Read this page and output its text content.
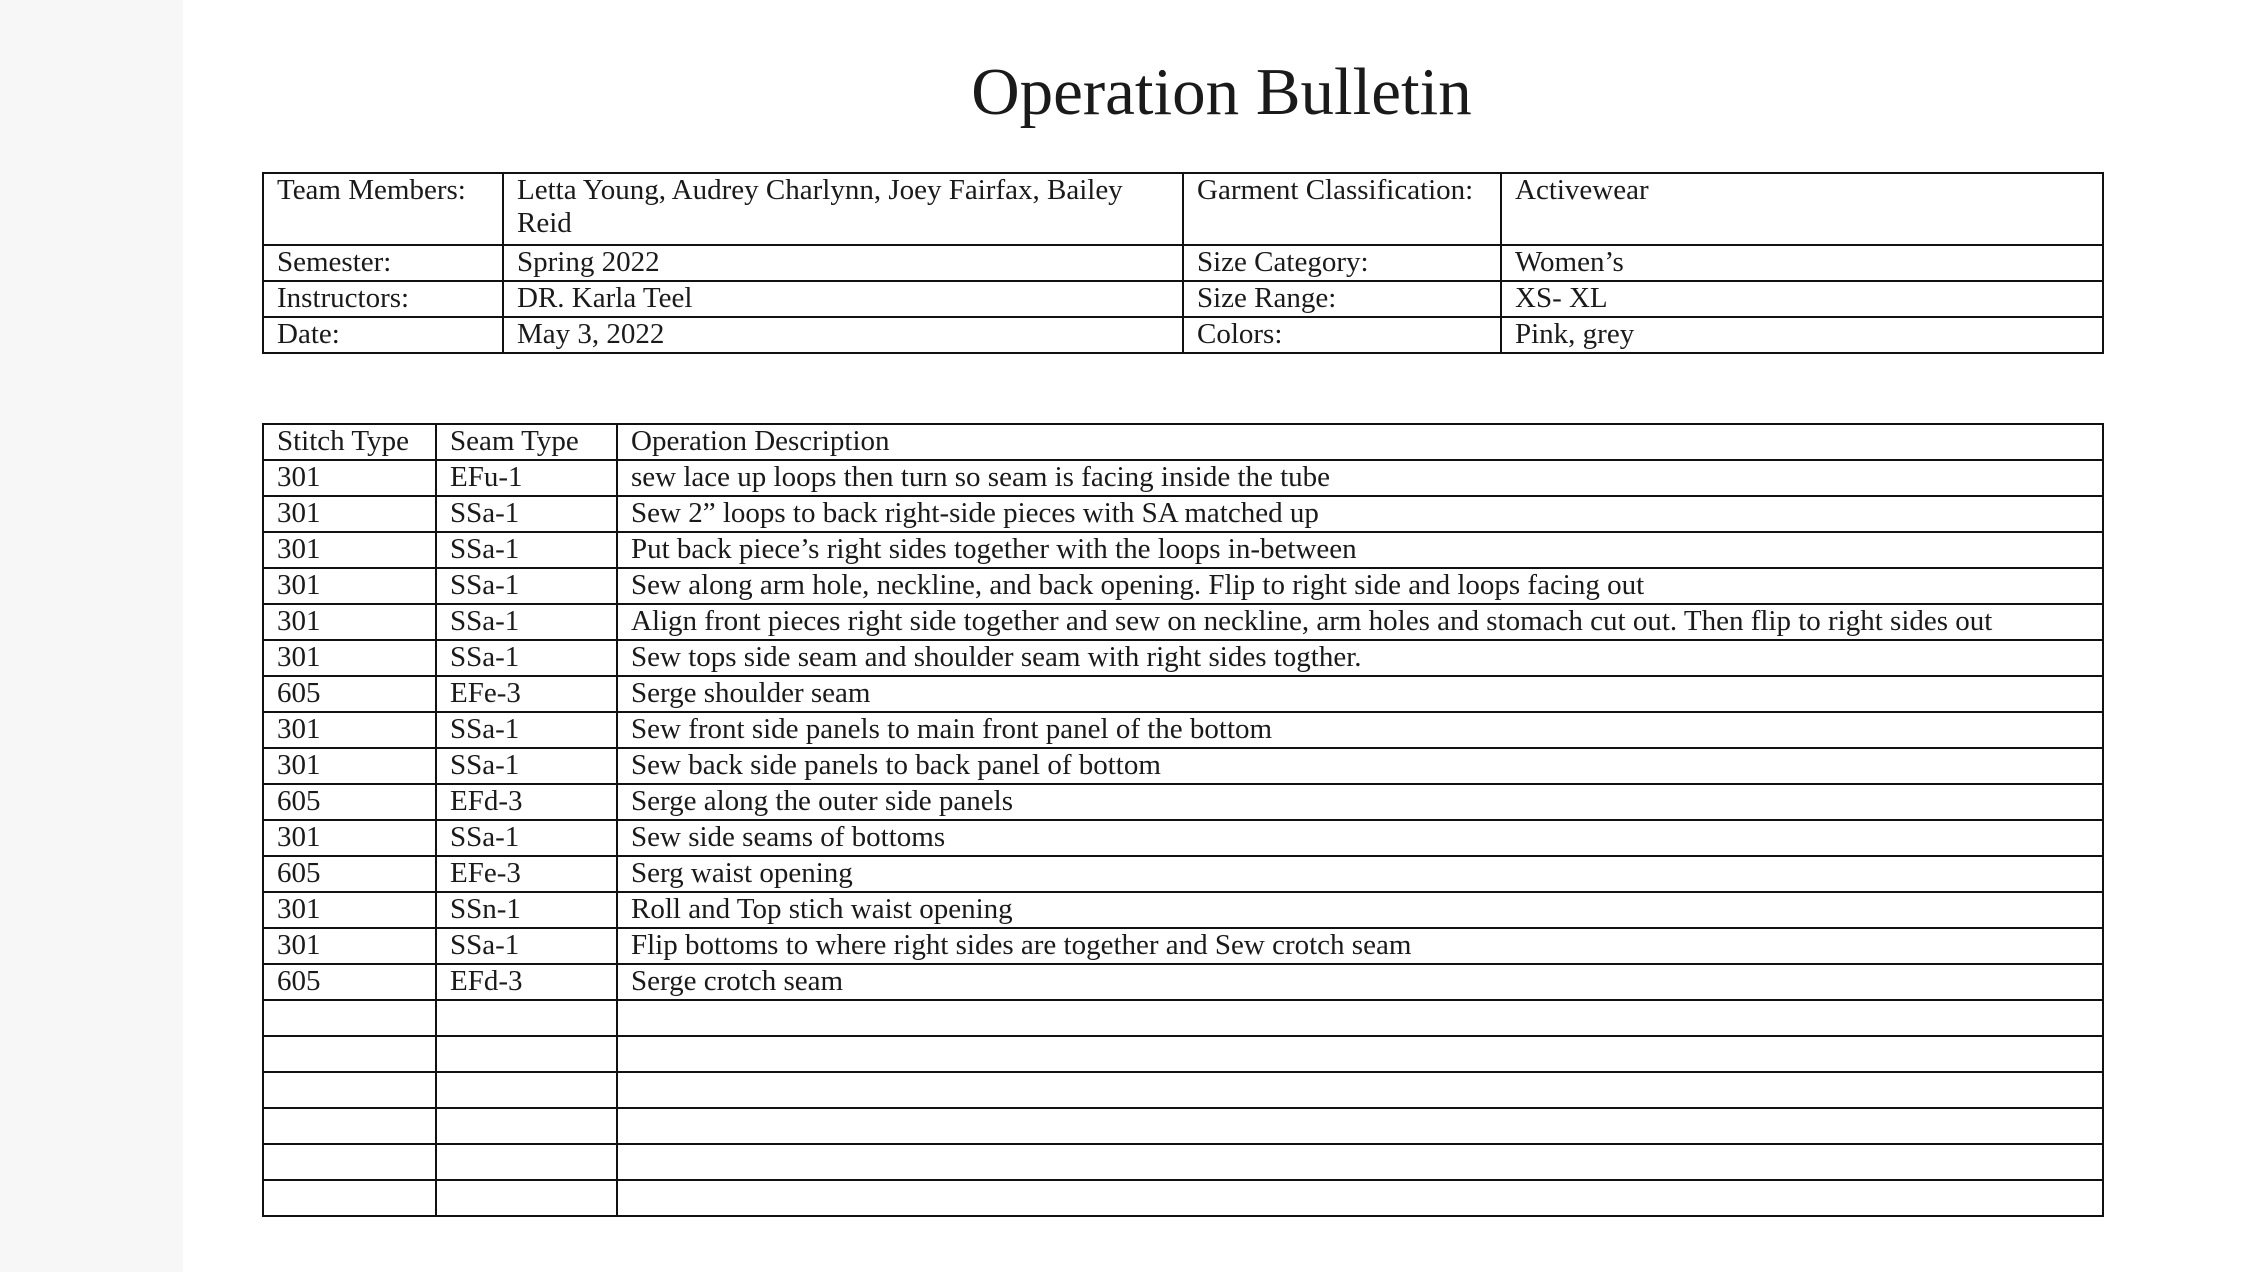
Operation Bulletin
Team Members:	Letta Young, Audrey Charlynn, Joey Fairfax, Bailey Reid	Garment Classification:	Activewear
Semester:	Spring 2022	Size Category:	Women’s
Instructors:	DR. Karla Teel	Size Range:	XS- XL
Date:	May 3, 2022	Colors:	Pink, grey
Stitch Type	Seam Type	Operation Description
301	EFu-1	sew lace up loops then turn so seam is facing inside the tube
301	SSa-1	Sew 2” loops to back right-side pieces with SA matched up
301	SSa-1	Put back piece’s right sides together with the loops in-between
301	SSa-1	Sew along arm hole, neckline, and back opening. Flip to right side and loops facing out
301	SSa-1	Align front pieces right side together and sew on neckline, arm holes and stomach cut out. Then flip to right sides out
301	SSa-1	Sew tops side seam and shoulder seam with right sides togther.
605	EFe-3	Serge shoulder seam
301	SSa-1	Sew front side panels to main front panel of the bottom
301	SSa-1	Sew back side panels to back panel of bottom
605	EFd-3	Serge along the outer side panels
301	SSa-1	Sew side seams of bottoms
605	EFe-3	Serg waist opening
301	SSn-1	Roll and Top stich waist opening
301	SSa-1	Flip bottoms to where right sides are together and Sew crotch seam
605	EFd-3	Serge crotch seam
